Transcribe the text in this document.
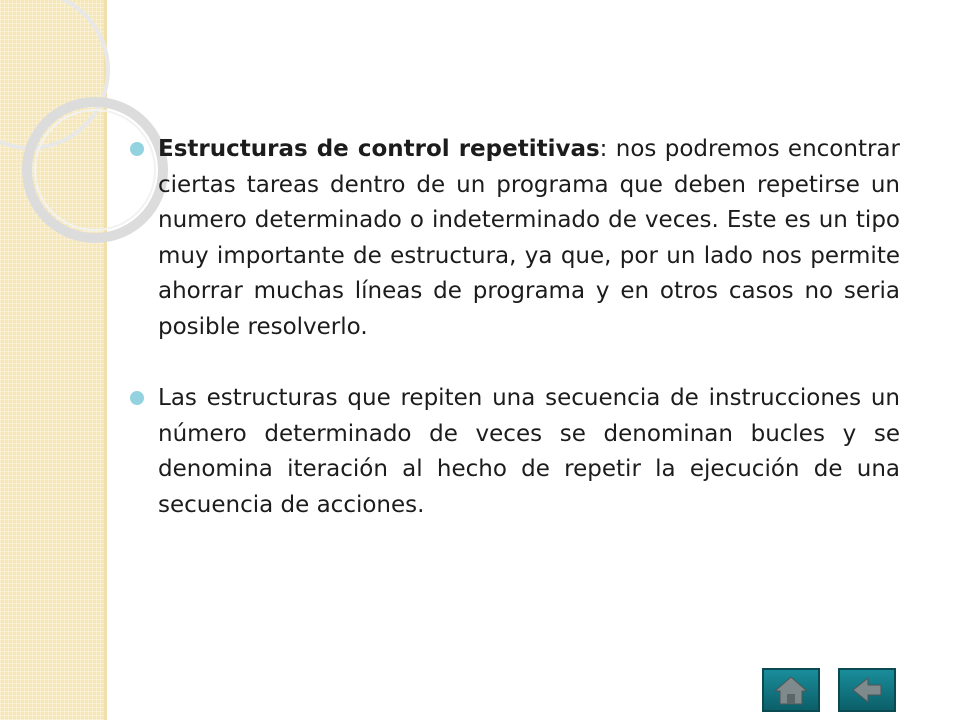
Estructuras de control repetitivas: nos podremos encontrar ciertas tareas dentro de un programa que deben repetirse un numero determinado o indeterminado de veces. Este es un tipo muy importante de estructura, ya que, por un lado nos permite ahorrar muchas líneas de programa y en otros casos no seria posible resolverlo.
Las estructuras que repiten una secuencia de instrucciones un número determinado de veces se denominan bucles y se denomina iteración al hecho de repetir la ejecución de una secuencia de acciones.
